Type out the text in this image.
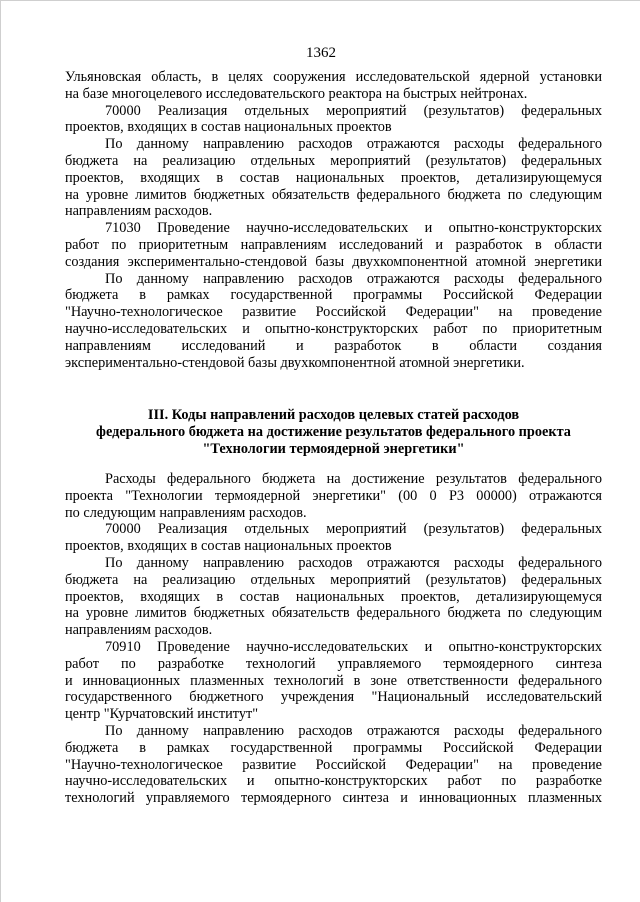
1362
Ульяновская область, в целях сооружения исследовательской ядерной установки
на базе многоцелевого исследовательского реактора на быстрых нейтронах.
70000 Реализация отдельных мероприятий (результатов) федеральных
проектов, входящих в состав национальных проектов
По данному направлению расходов отражаются расходы федерального
бюджета на реализацию отдельных мероприятий (результатов) федеральных
проектов, входящих в состав национальных проектов, детализирующемуся
на уровне лимитов бюджетных обязательств федерального бюджета по следующим
направлениям расходов.
71030 Проведение научно-исследовательских и опытно-конструкторских
работ по приоритетным направлениям исследований и разработок в области
создания экспериментально-стендовой базы двухкомпонентной атомной энергетики
По данному направлению расходов отражаются расходы федерального
бюджета в рамках государственной программы Российской Федерации
"Научно-технологическое развитие Российской Федерации" на проведение
научно-исследовательских и опытно-конструкторских работ по приоритетным
направлениям исследований и разработок в области создания
экспериментально-стендовой базы двухкомпонентной атомной энергетики.
III. Коды направлений расходов целевых статей расходов
федерального бюджета на достижение результатов федерального проекта
"Технологии термоядерной энергетики"
Расходы федерального бюджета на достижение результатов федерального
проекта "Технологии термоядерной энергетики" (00 0 Р3 00000) отражаются
по следующим направлениям расходов.
70000 Реализация отдельных мероприятий (результатов) федеральных
проектов, входящих в состав национальных проектов
По данному направлению расходов отражаются расходы федерального
бюджета на реализацию отдельных мероприятий (результатов) федеральных
проектов, входящих в состав национальных проектов, детализирующемуся
на уровне лимитов бюджетных обязательств федерального бюджета по следующим
направлениям расходов.
70910 Проведение научно-исследовательских и опытно-конструкторских
работ по разработке технологий управляемого термоядерного синтеза
и инновационных плазменных технологий в зоне ответственности федерального
государственного бюджетного учреждения "Национальный исследовательский
центр "Курчатовский институт"
По данному направлению расходов отражаются расходы федерального
бюджета в рамках государственной программы Российской Федерации
"Научно-технологическое развитие Российской Федерации" на проведение
научно-исследовательских и опытно-конструкторских работ по разработке
технологий управляемого термоядерного синтеза и инновационных плазменных
